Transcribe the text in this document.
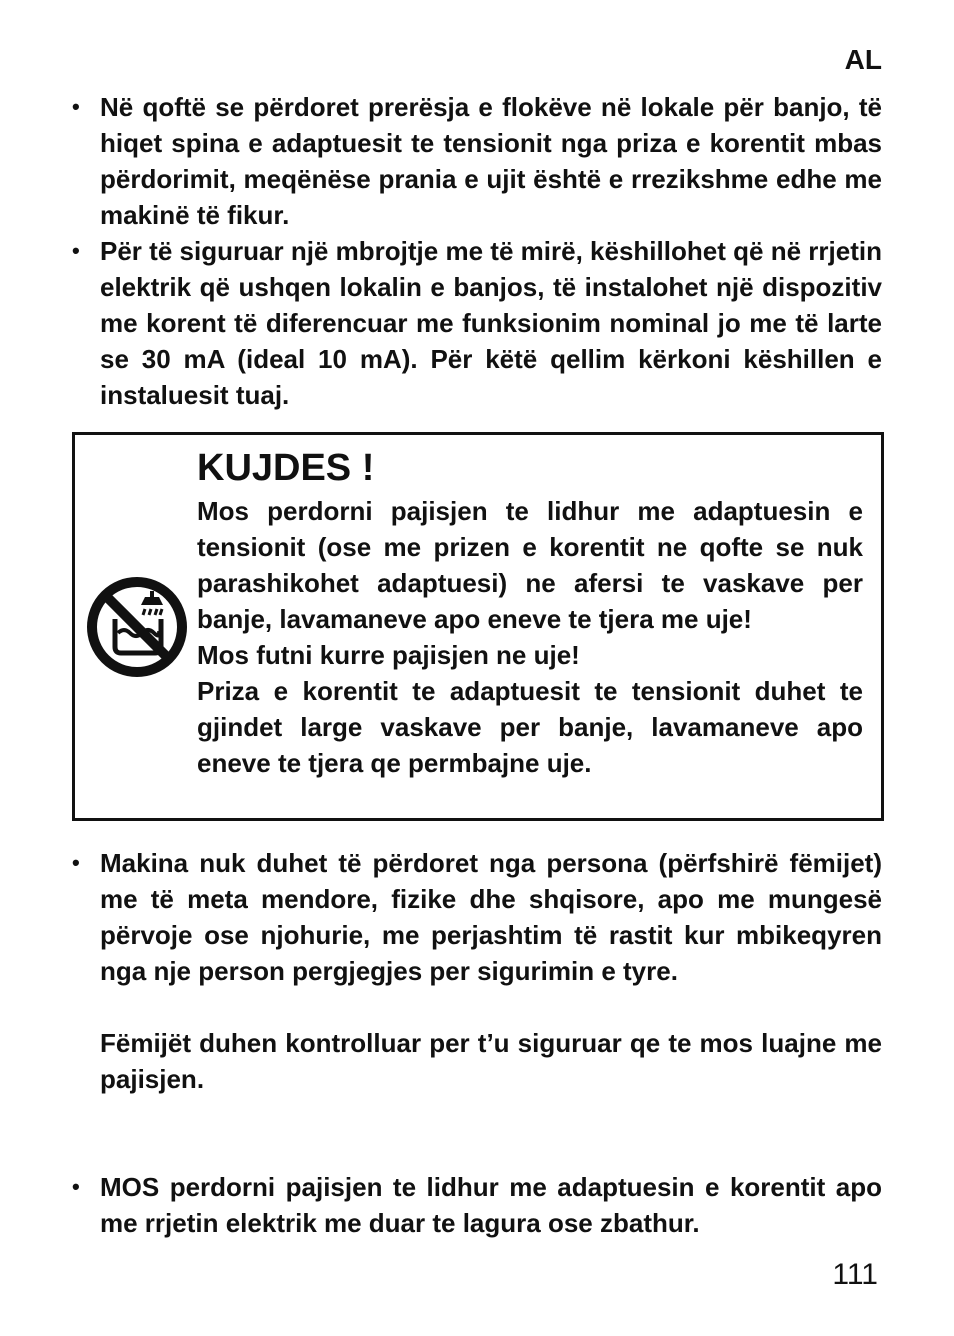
AL
• Në qoftë se përdoret prerësja e flokëve në lokale për banjo, të hiqet spina e adaptuesit te tensionit nga priza e korentit mbas përdorimit, meqënëse prania e ujit është e rrezikshme edhe me makinë të fikur.
• Për të siguruar një mbrojtje me të mirë, këshillohet që në rrjetin elektrik që ushqen lokalin e banjos, të instalohet një dispozitiv me korent të diferencuar me funksionim nominal jo me të larte se 30 mA (ideal 10 mA). Për këtë qellim kërkoni këshillen e instaluesit tuaj.
KUJDES !
Mos perdorni pajisjen te lidhur me adaptuesin e tensionit (ose me prizen e korentit ne qofte se nuk parashikohet adaptuesi) ne afersi te vaskave per banje, lavamaneve apo eneve te tjera me uje!
Mos futni kurre pajisjen ne uje!
Priza e korentit te adaptuesit te tensionit duhet te gjindet large vaskave per banje, lavamaneve apo eneve te tjera qe permbajne uje.
• Makina nuk duhet të përdoret nga persona (përfshirë fëmijet) me të meta mendore, fizike dhe shqisore, apo me mungesë përvoje ose njohurie, me perjashtim të rastit kur mbikeqyren nga nje person pergjegjes per sigurimin e tyre.
Fëmijët duhen kontrolluar per t’u siguruar qe te mos luajne me pajisjen.
• MOS perdorni pajisjen te lidhur me adaptuesin e korentit apo me rrjetin elektrik me duar te lagura ose zbathur.
111
